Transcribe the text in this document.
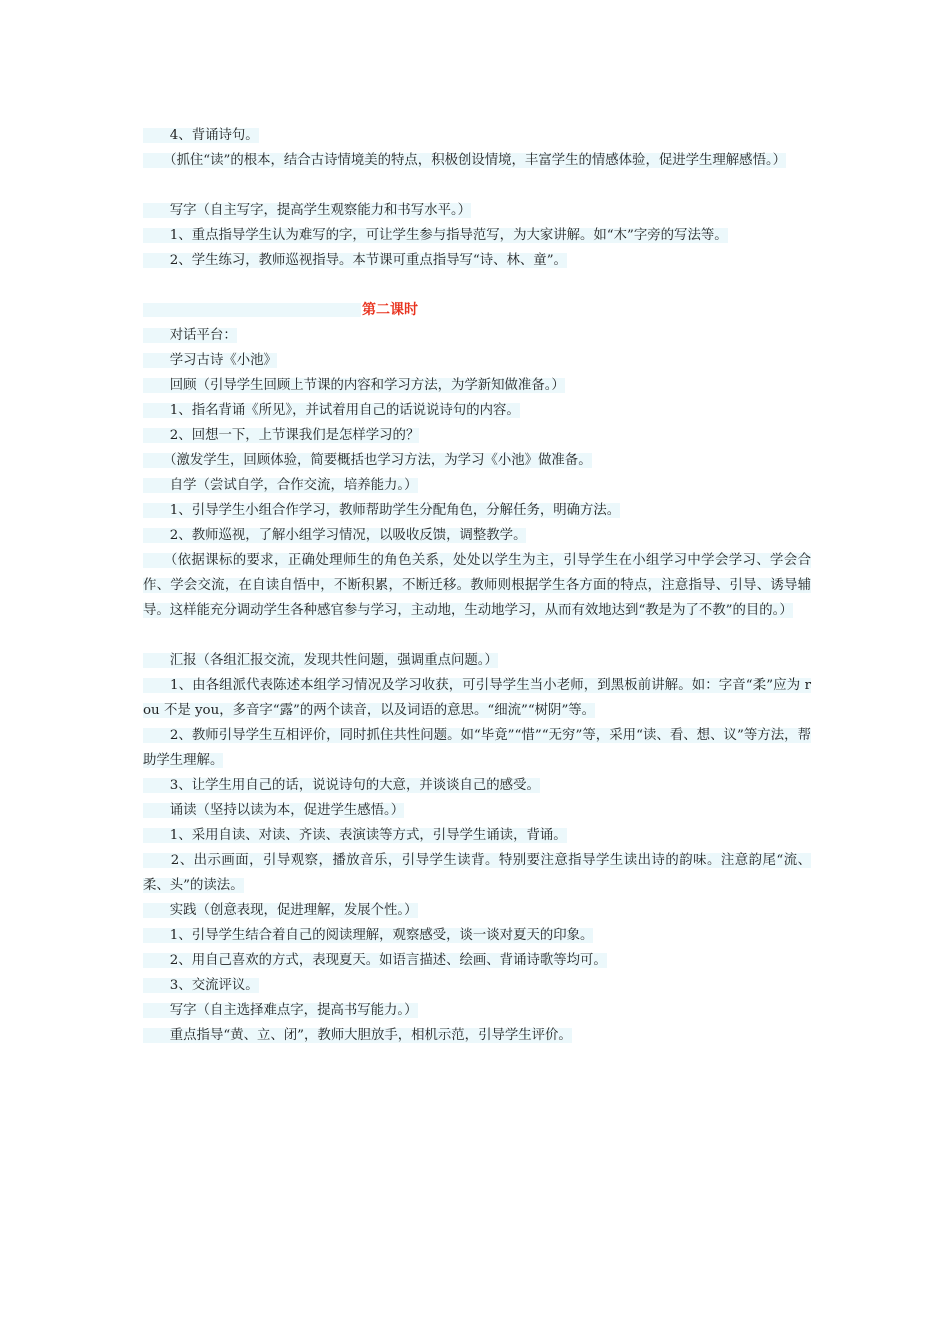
　　4、背诵诗句。
　　（抓住“读”的根本，结合古诗情境美的特点，积极创设情境，丰富学生的情感体验，促进学生理解感悟。）
　　写字（自主写字，提高学生观察能力和书写水平。）
　　1、重点指导学生认为难写的字，可让学生参与指导范写，为大家讲解。如“木”字旁的写法等。
　　2、学生练习，教师巡视指导。本节课可重点指导写“诗、林、童”。
第二课时
　　对话平台：
　　学习古诗《小池》
　　回顾（引导学生回顾上节课的内容和学习方法，为学新知做准备。）
　　1、指名背诵《所见》，并试着用自己的话说说诗句的内容。
　　2、回想一下，上节课我们是怎样学习的？
　　（激发学生，回顾体验，简要概括也学习方法，为学习《小池》做准备。
　　自学（尝试自学，合作交流，培养能力。）
　　1、引导学生小组合作学习，教师帮助学生分配角色，分解任务，明确方法。
　　2、教师巡视，了解小组学习情况，以吸收反馈，调整教学。
　　（依据课标的要求，正确处理师生的角色关系，处处以学生为主，引导学生在小组学习中学会学习、学会合作、学会交流，在自读自悟中，不断积累，不断迁移。教师则根据学生各方面的特点，注意指导、引导、诱导辅导。这样能充分调动学生各种感官参与学习，主动地，生动地学习，从而有效地达到“教是为了不教”的目的。）
　　汇报（各组汇报交流，发现共性问题，强调重点问题。）
　　1、由各组派代表陈述本组学习情况及学习收获，可引导学生当小老师，到黑板前讲解。如：字音“柔”应为 rou 不是 you，多音字“露”的两个读音，以及词语的意思。“细流”“树阴”等。
　　2、教师引导学生互相评价，同时抓住共性问题。如“毕竟”“惜”“无穷”等，采用“读、看、想、议”等方法，帮助学生理解。
　　3、让学生用自己的话，说说诗句的大意，并谈谈自己的感受。
　　诵读（坚持以读为本，促进学生感悟。）
　　1、采用自读、对读、齐读、表演读等方式，引导学生诵读，背诵。
　　2、出示画面，引导观察，播放音乐，引导学生读背。特别要注意指导学生读出诗的韵味。注意韵尾“流、柔、头”的读法。
　　实践（创意表现，促进理解，发展个性。）
　　1、引导学生结合着自己的阅读理解，观察感受，谈一谈对夏天的印象。
　　2、用自己喜欢的方式，表现夏天。如语言描述、绘画、背诵诗歌等均可。
　　3、交流评议。
　　写字（自主选择难点字，提高书写能力。）
　　重点指导“黄、立、闭”，教师大胆放手，相机示范，引导学生评价。
